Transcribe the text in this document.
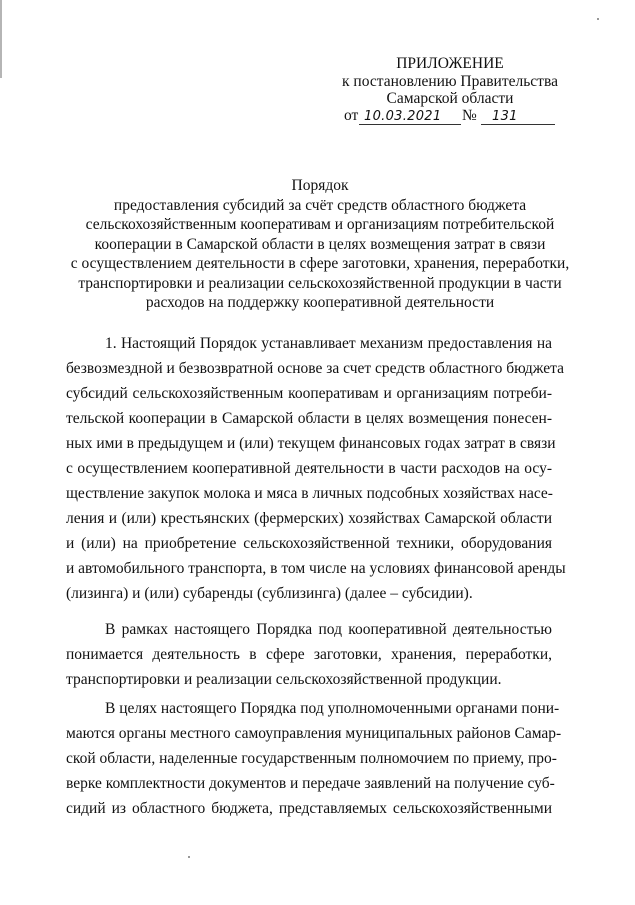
ПРИЛОЖЕНИЕ
к постановлению Правительства
Самарской области
от 10.03.2021 № 131
Порядок
предоставления субсидий за счёт средств областного бюджета
сельскохозяйственным кооперативам и организациям потребительской
кооперации в Самарской области в целях возмещения затрат в связи
с осуществлением деятельности в сфере заготовки, хранения, переработки,
транспортировки и реализации сельскохозяйственной продукции в части
расходов на поддержку кооперативной деятельности
1. Настоящий Порядок устанавливает механизм предоставления на
безвозмездной и безвозвратной основе за счет средств областного бюджета
субсидий сельскохозяйственным кооперативам и организациям потреби-
тельской кооперации в Самарской области в целях возмещения понесен-
ных ими в предыдущем и (или) текущем финансовых годах затрат в связи
с осуществлением кооперативной деятельности в части расходов на осу-
ществление закупок молока и мяса в личных подсобных хозяйствах насе-
ления и (или) крестьянских (фермерских) хозяйствах Самарской области
и (или) на приобретение сельскохозяйственной техники, оборудования
и автомобильного транспорта, в том числе на условиях финансовой аренды
(лизинга) и (или) субаренды (сублизинга) (далее – субсидии).
В рамках настоящего Порядка под кооперативной деятельностью
понимается деятельность в сфере заготовки, хранения, переработки,
транспортировки и реализации сельскохозяйственной продукции.
В целях настоящего Порядка под уполномоченными органами пони-
маются органы местного самоуправления муниципальных районов Самар-
ской области, наделенные государственным полномочием по приему, про-
верке комплектности документов и передаче заявлений на получение суб-
сидий из областного бюджета, представляемых сельскохозяйственными
